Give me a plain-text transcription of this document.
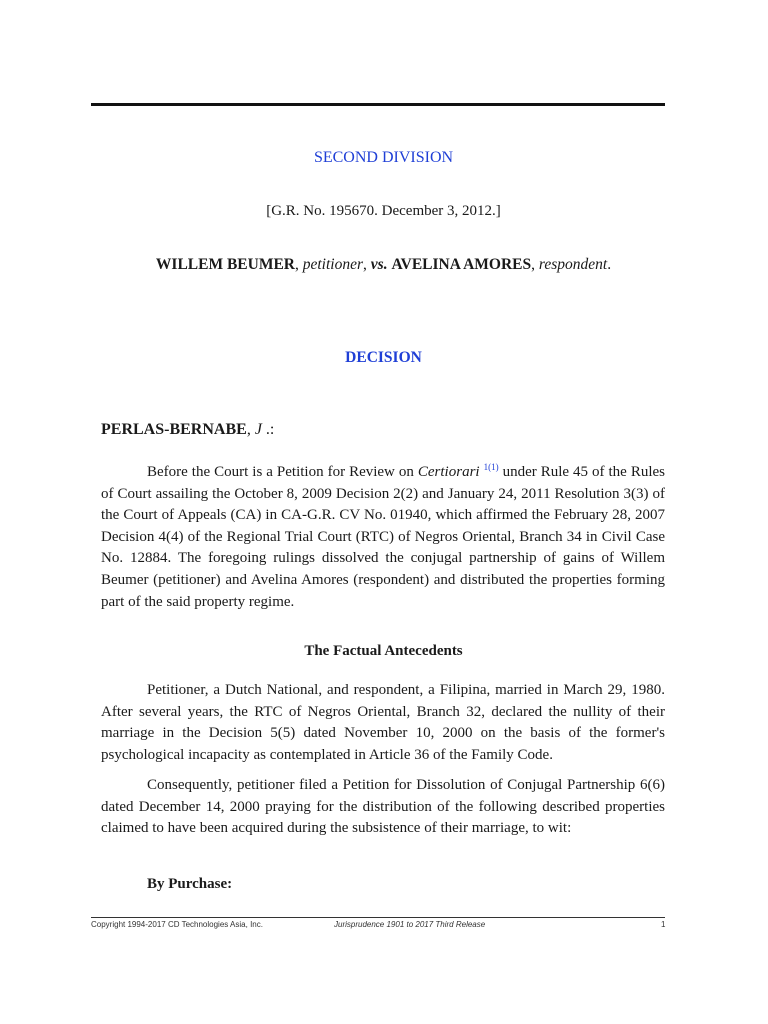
SECOND DIVISION
[G.R. No. 195670. December 3, 2012.]
WILLEM BEUMER, petitioner, vs. AVELINA AMORES, respondent.
DECISION
PERLAS-BERNABE, J .:

Before the Court is a Petition for Review on Certiorari $^{1(1)}$ under Rule 45 of the Rules of Court assailing the October 8, 2009 Decision 2(2) and January 24, 2011 Resolution 3(3) of the Court of Appeals (CA) in CA-G.R. CV No. 01940, which affirmed the February 28, 2007 Decision 4(4) of the Regional Trial Court (RTC) of Negros Oriental, Branch 34 in Civil Case No. 12884. The foregoing rulings dissolved the conjugal partnership of gains of Willem Beumer (petitioner) and Avelina Amores (respondent) and distributed the properties forming part of the said property regime.

The Factual Antecedents

Petitioner, a Dutch National, and respondent, a Filipina, married in March 29, 1980. After several years, the RTC of Negros Oriental, Branch 32, declared the nullity of their marriage in the Decision 5(5) dated November 10, 2000 on the basis of the former's psychological incapacity as contemplated in Article 36 of the Family Code.

Consequently, petitioner filed a Petition for Dissolution of Conjugal Partnership 6(6) dated December 14, 2000 praying for the distribution of the following described properties claimed to have been acquired during the subsistence of their marriage, to wit:

By Purchase:
Copyright 1994-2017 CD Technologies Asia, Inc.	Jurisprudence 1901 to 2017 Third Release	1
